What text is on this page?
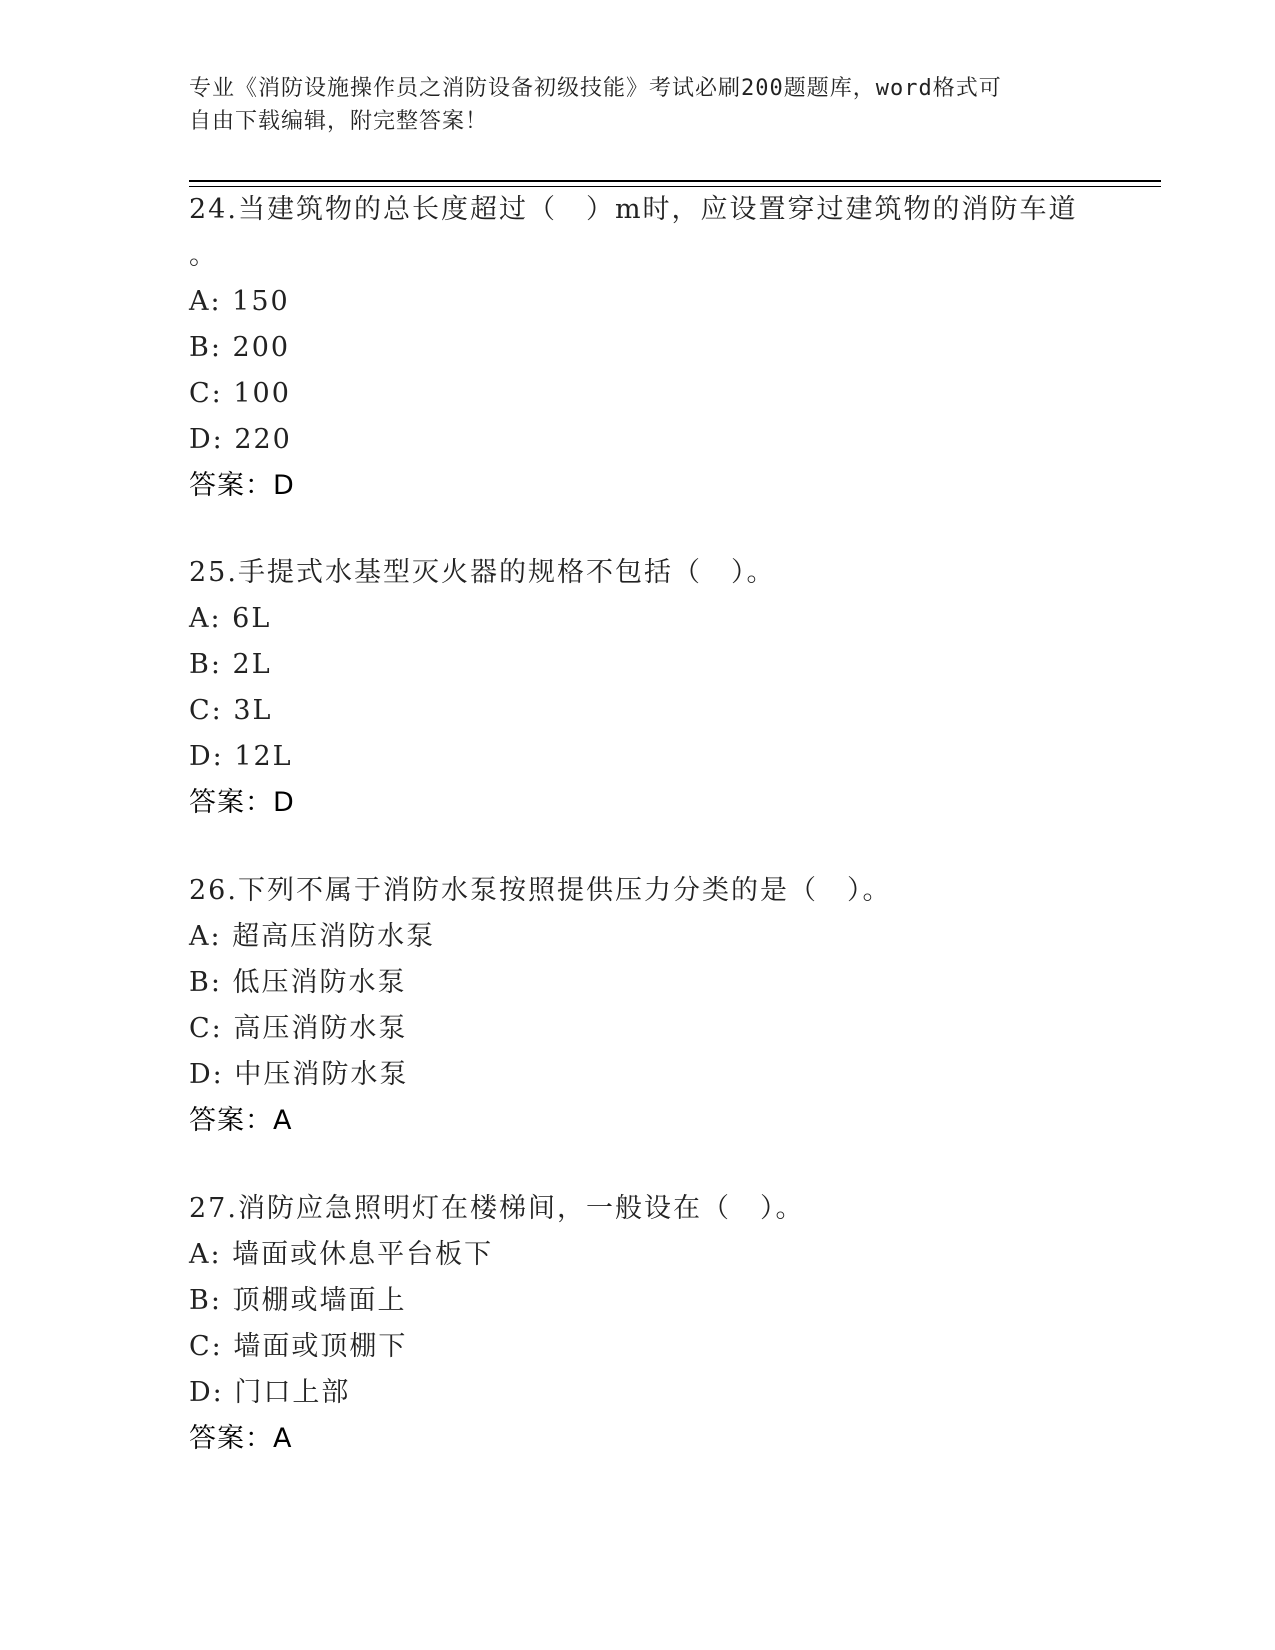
专业《消防设施操作员之消防设备初级技能》考试必刷200题题库，word格式可
自由下载编辑，附完整答案！
24.当建筑物的总长度超过（　）m时，应设置穿过建筑物的消防车道
。
A: 150
B: 200
C: 100
D: 220
答案：D
25.手提式水基型灭火器的规格不包括（　）。
A: 6L
B: 2L
C: 3L
D: 12L
答案：D
26.下列不属于消防水泵按照提供压力分类的是（　）。
A: 超高压消防水泵
B: 低压消防水泵
C: 高压消防水泵
D: 中压消防水泵
答案：A
27.消防应急照明灯在楼梯间，一般设在（　）。
A: 墙面或休息平台板下
B: 顶棚或墙面上
C: 墙面或顶棚下
D: 门口上部
答案：A
